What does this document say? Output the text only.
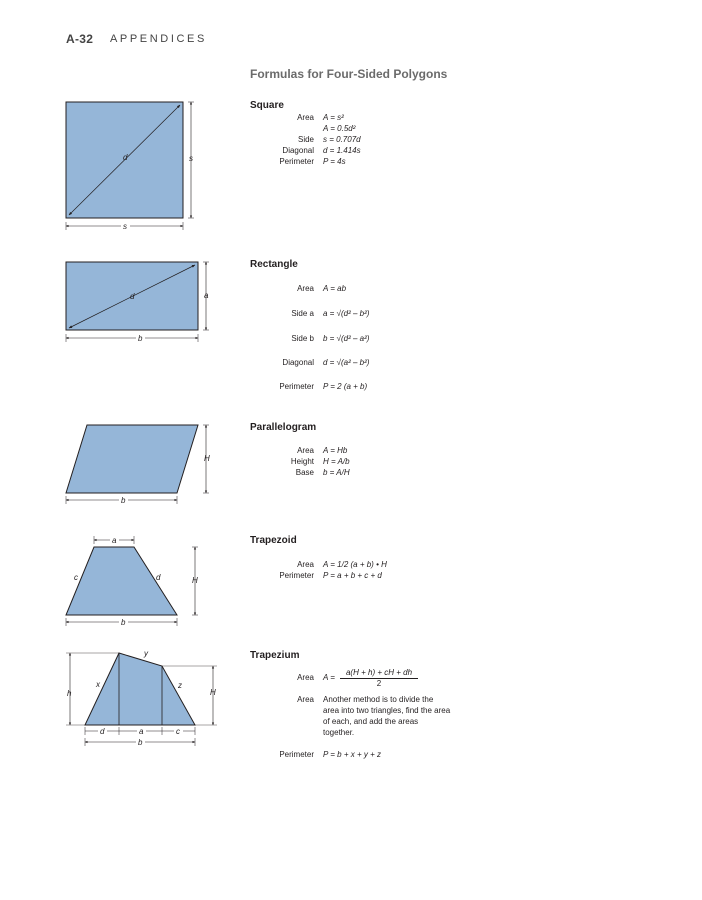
A-32 APPENDICES
Formulas for Four-Sided Polygons
d	s
s
d	a
b
H
b
a
c	d	H
b
y
x	z
h	H
d	a	c
b
Square
Area A = s²
A = 0.5d²
Side s = 0.707d
Diagonal d = 1.414s
Perimeter P = 4s
Rectangle
Area A = ab
Side a a = √(d² – b²)
Side b b = √(d² – a²)
Diagonal d = √(a² – b²)
Perimeter P = 2 (a + b)
Parallelogram
Area A = Hb
Height H = A/b
Base b = A/H
Trapezoid
Area A = 1/2 (a + b) • H
Perimeter P = a + b + c + d
Trapezium
Area A =
a(H + h) + cH + dh
2
Area Another method is to divide the area into two triangles, find the area of each, and add the areas together.
Perimeter P = b + x + y + z
